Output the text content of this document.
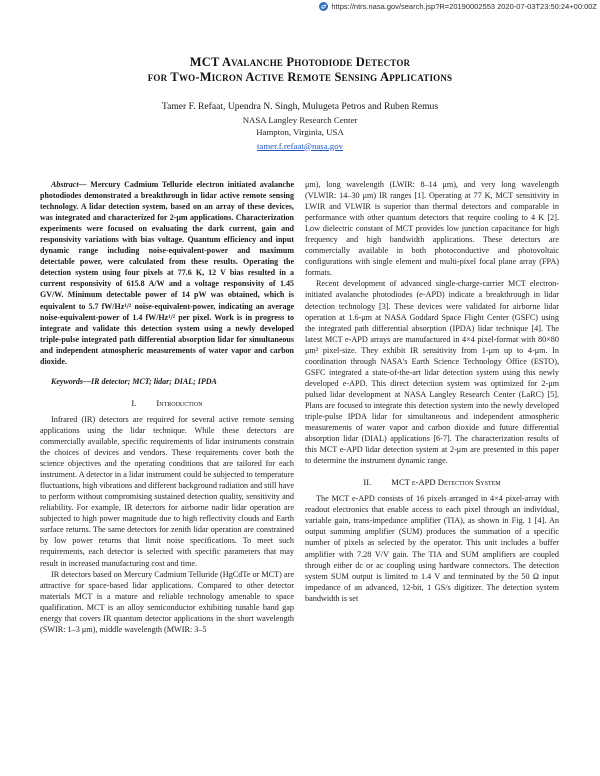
https://ntrs.nasa.gov/search.jsp?R=20190002553 2020-07-03T23:50:24+00:00Z
MCT Avalanche Photodiode Detector
for Two-Micron Active Remote Sensing Applications
Tamer F. Refaat, Upendra N. Singh, Mulugeta Petros and Ruben Remus
NASA Langley Research Center
Hampton, Virginia, USA
tamer.f.refaat@nasa.gov

Abstract— Mercury Cadmium Telluride electron initiated avalanche photodiodes demonstrated a breakthrough in lidar active remote sensing technology. A lidar detection system, based on an array of these devices, was integrated and characterized for 2-μm applications. Characterization experiments were focused on evaluating the dark current, gain and responsivity variations with bias voltage. Quantum efficiency and input dynamic range including noise-equivalent-power and maximum detectable power, were calculated from these results. Operating the detection system using four pixels at 77.6 K, 12 V bias resulted in a current responsivity of 615.8 A/W and a voltage responsivity of 1.45 GV/W. Minimum detectable power of 14 pW was obtained, which is equivalent to 5.7 fW/Hz¹/² noise-equivalent-power, indicating an average noise-equivalent-power of 1.4 fW/Hz¹/² per pixel. Work is in progress to integrate and validate this detection system using a newly developed triple-pulse integrated path differential absorption lidar for simultaneous and independent atmospheric measurements of water vapor and carbon dioxide.

Keywords—IR detector; MCT; lidar; DIAL; IPDA

I. Introduction

Infrared (IR) detectors are required for several active remote sensing applications using the lidar technique. While these detectors are commercially available, specific requirements of lidar instruments constrain the choices of devices and vendors. These requirements cover both the science objectives and the operating conditions that are tailored for each instrument. A detector in a lidar instrument could be subjected to temperature fluctuations, high vibrations and different background radiation and still have to perform without compromising sustained detection quality, sensitivity and reliability. For example, IR detectors for airborne nadir lidar operation are subjected to high power magnitude due to high reflectivity clouds and Earth surface returns. The same detectors for zenith lidar operation are constrained by low power returns that limit noise specifications. To meet such requirements, each detector is selected with specific parameters that may result in increased manufacturing cost and time.

IR detectors based on Mercury Cadmium Telluride (HgCdTe or MCT) are attractive for space-based lidar applications. Compared to other detector materials MCT is a mature and reliable technology amenable to space qualification. MCT is an alloy semiconductor exhibiting tunable band gap energy that covers IR quantum detector applications in the short wavelength (SWIR: 1–3 μm), middle wavelength (MWIR: 3–5

μm), long wavelength (LWIR: 8–14 μm), and very long wavelength (VLWIR: 14–30 μm) IR ranges [1]. Operating at 77 K, MCT sensitivity in LWIR and VLWIR is superior than thermal detectors and comparable in performance with other quantum detectors that require cooling to 4 K [2]. Low dielectric constant of MCT provides low junction capacitance for high frequency and high bandwidth applications. These detectors are commercially available in both photoconductive and photovoltaic configurations with single element and multi-pixel focal plane array (FPA) formats.

Recent development of advanced single-charge-carrier MCT electron-initiated avalanche photodiodes (e-APD) indicate a breakthrough in lidar detection technology [3]. These devices were validated for airborne lidar operation at 1.6-μm at NASA Goddard Space Flight Center (GSFC) using the integrated path differential absorption (IPDA) lidar technique [4]. The latest MCT e-APD arrays are manufactured in 4×4 pixel-format with 80×80 μm² pixel-size. They exhibit IR sensitivity from 1-μm up to 4-μm. In coordination through NASA's Earth Science Technology Office (ESTO), GSFC integrated a state-of-the-art lidar detection system using this newly developed e-APD. This direct detection system was optimized for 2-μm pulsed lidar development at NASA Langley Research Center (LaRC) [5]. Plans are focused to integrate this detection system into the newly developed triple-pulse IPDA lidar for simultaneous and independent atmospheric measurements of water vapor and carbon dioxide and future differential absorption lidar (DIAL) applications [6-7]. The characterization results of this MCT e-APD lidar detection system at 2-μm are presented in this paper to determine the instrument dynamic range.

II. MCT e-APD Detection System

The MCT e-APD consists of 16 pixels arranged in 4×4 pixel-array with readout electronics that enable access to each pixel through an individual, variable gain, trans-impedance amplifier (TIA), as shown in Fig. 1 [4]. An output summing amplifier (SUM) produces the summation of a specific number of pixels as selected by the operator. This unit includes a buffer amplifier with 7.28 V/V gain. The TIA and SUM amplifiers are coupled through either dc or ac coupling using hardware connectors. The detection system SUM output is limited to 1.4 V and terminated by the 50 Ω input impedance of an advanced, 12-bit, 1 GS/s digitizer. The detection system bandwidth is set
